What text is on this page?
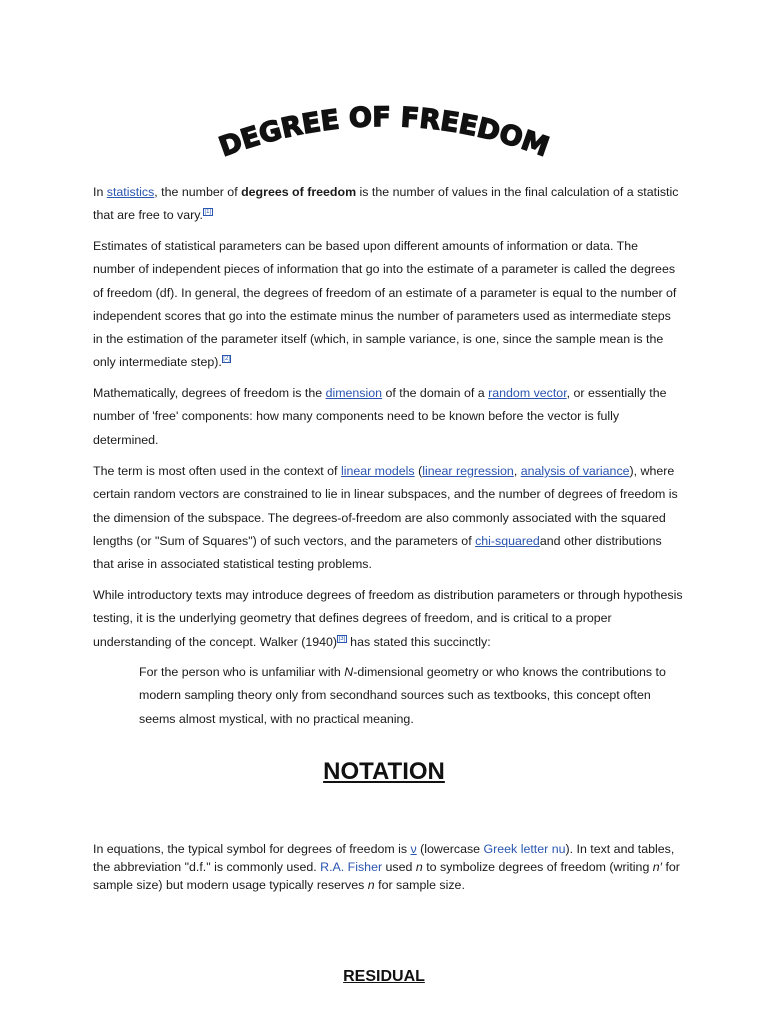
DEGREE OF FREEDOM

In statistics, the number of degrees of freedom is the number of values in the final calculation of a statistic that are free to vary. [1]

Estimates of statistical parameters can be based upon different amounts of information or data. The number of independent pieces of information that go into the estimate of a parameter is called the degrees of freedom (df). In general, the degrees of freedom of an estimate of a parameter is equal to the number of independent scores that go into the estimate minus the number of parameters used as intermediate steps in the estimation of the parameter itself (which, in sample variance, is one, since the sample mean is the only intermediate step). [2]

Mathematically, degrees of freedom is the dimension of the domain of a random vector, or essentially the number of 'free' components: how many components need to be known before the vector is fully determined.

The term is most often used in the context of linear models (linear regression, analysis of variance), where certain random vectors are constrained to lie in linear subspaces, and the number of degrees of freedom is the dimension of the subspace. The degrees-of-freedom are also commonly associated with the squared lengths (or "Sum of Squares") of such vectors, and the parameters of chi-squaredand other distributions that arise in associated statistical testing problems.

While introductory texts may introduce degrees of freedom as distribution parameters or through hypothesis testing, it is the underlying geometry that defines degrees of freedom, and is critical to a proper understanding of the concept. Walker (1940) [3] has stated this succinctly:

For the person who is unfamiliar with N-dimensional geometry or who knows the contributions to modern sampling theory only from secondhand sources such as textbooks, this concept often seems almost mystical, with no practical meaning.

NOTATION

In equations, the typical symbol for degrees of freedom is ν (lowercase Greek letter nu). In text and tables, the abbreviation "d.f." is commonly used. R.A. Fisher used n to symbolize degrees of freedom (writing n′ for sample size) but modern usage typically reserves n for sample size.

RESIDUAL
